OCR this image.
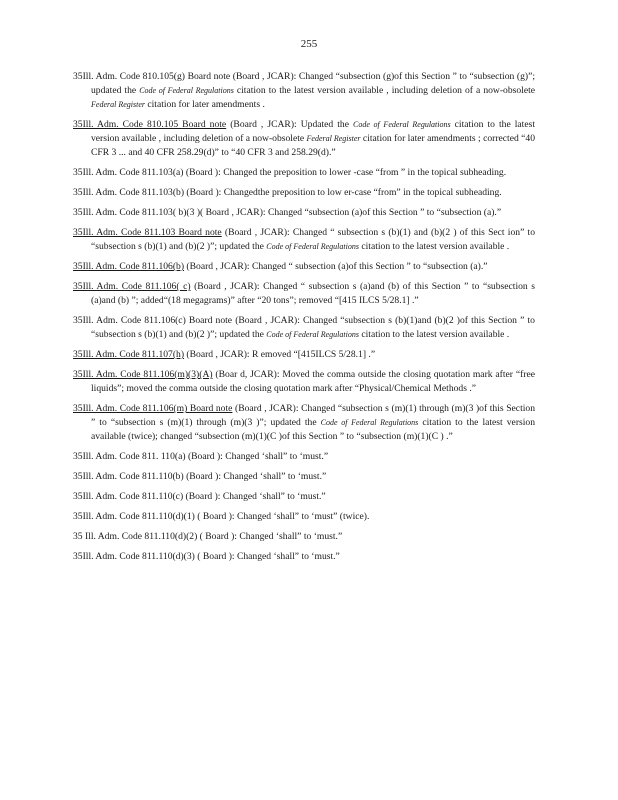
255

35Ill. Adm. Code 810.105(g) Board note (Board , JCAR): Changed “subsection (g)of this Section ” to “subsection (g)”; updated the Code of Federal Regulations citation to the latest version available , including deletion of a now-obsolete Federal Register citation for later amendments .

35Ill. Adm. Code 810.105 Board note (Board , JCAR): Updated the Code of Federal Regulations citation to the latest version available , including deletion of a now-obsolete Federal Register citation for later amendments ; corrected “40 CFR 3 ... and 40 CFR 258.29(d)” to “40 CFR 3 and 258.29(d).”

35Ill. Adm. Code 811.103(a) (Board ): Changed the preposition to lower -case “from ” in the topical subheading.

35Ill. Adm. Code 811.103(b) (Board ): Changedthe preposition to low er-case “from” in the topical subheading.

35Ill. Adm. Code 811.103( b)(3 )( Board , JCAR): Changed “subsection (a)of this Section ” to “subsection (a).”

35Ill. Adm. Code 811.103 Board note (Board , JCAR): Changed “ subsection s (b)(1) and (b)(2 ) of this Sect ion” to “subsection s (b)(1) and (b)(2 )”; updated the Code of Federal Regulations citation to the latest version available .

35Ill. Adm. Code 811.106(b) (Board , JCAR): Changed “ subsection (a)of this Section ” to “subsection (a).”

35Ill. Adm. Code 811.106( c) (Board , JCAR): Changed “ subsection s (a)and (b) of this Section ” to “subsection s (a)and (b) ”; added“(18 megagrams)” after “20 tons”; removed “[415 ILCS 5/28.1] .”

35Ill. Adm. Code 811.106(c) Board note (Board , JCAR): Changed “subsection s (b)(1)and (b)(2 )of this Section ” to “subsection s (b)(1) and (b)(2 )”; updated the Code of Federal Regulations citation to the latest version available .

35Ill. Adm. Code 811.107(h) (Board , JCAR): R emoved “[415ILCS 5/28.1] .”

35Ill. Adm. Code 811.106(m)(3)(A) (Boar d, JCAR): Moved the comma outside the closing quotation mark after “free liquids”; moved the comma outside the closing quotation mark after “Physical/Chemical Methods .”

35Ill. Adm. Code 811.106(m) Board note (Board , JCAR): Changed “subsection s (m)(1) through (m)(3 )of this Section ” to “subsection s (m)(1) through (m)(3 )”; updated the Code of Federal Regulations citation to the latest version available (twice); changed “subsection (m)(1)(C )of this Section ” to “subsection (m)(1)(C ) .”

35Ill. Adm. Code 811. 110(a) (Board ): Changed ‘shall” to ‘must.”

35Ill. Adm. Code 811.110(b) (Board ): Changed ‘shall” to ‘must.”

35Ill. Adm. Code 811.110(c) (Board ): Changed ‘shall” to ‘must.”

35Ill. Adm. Code 811.110(d)(1) ( Board ): Changed ‘shall” to ‘must” (twice).

35 Ill. Adm. Code 811.110(d)(2) ( Board ): Changed ‘shall” to ‘must.”

35Ill. Adm. Code 811.110(d)(3) ( Board ): Changed ‘shall” to ‘must.”
